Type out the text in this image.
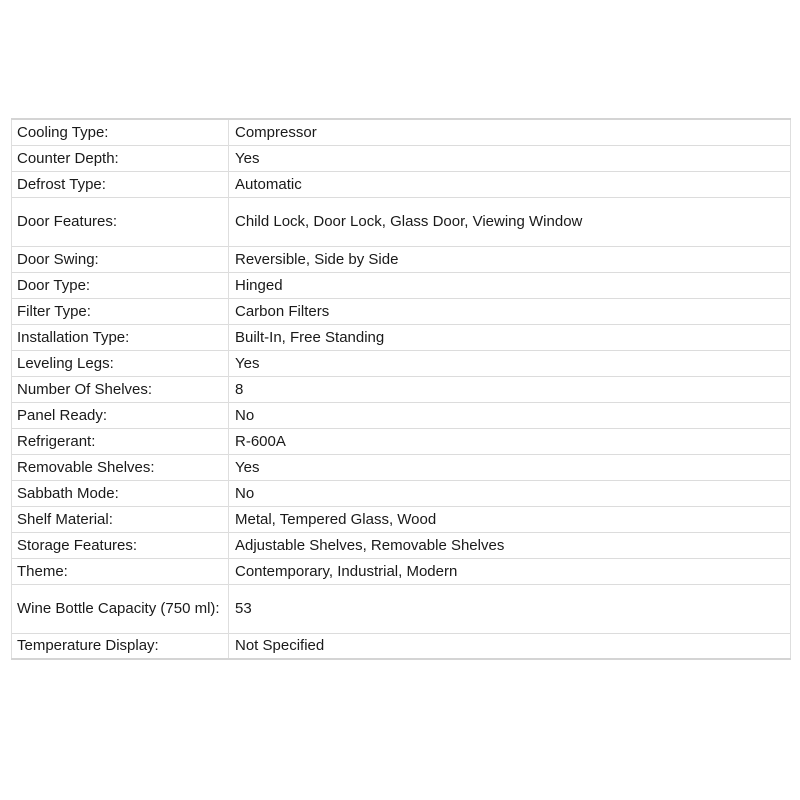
Cooling Type:	Compressor
Counter Depth:	Yes
Defrost Type:	Automatic
Door Features:	Child Lock, Door Lock, Glass Door, Viewing Window
Door Swing:	Reversible, Side by Side
Door Type:	Hinged
Filter Type:	Carbon Filters
Installation Type:	Built-In, Free Standing
Leveling Legs:	Yes
Number Of Shelves:	8
Panel Ready:	No
Refrigerant:	R-600A
Removable Shelves:	Yes
Sabbath Mode:	No
Shelf Material:	Metal, Tempered Glass, Wood
Storage Features:	Adjustable Shelves, Removable Shelves
Theme:	Contemporary, Industrial, Modern
Wine Bottle Capacity (750 ml):	53
Temperature Display:	Not Specified
